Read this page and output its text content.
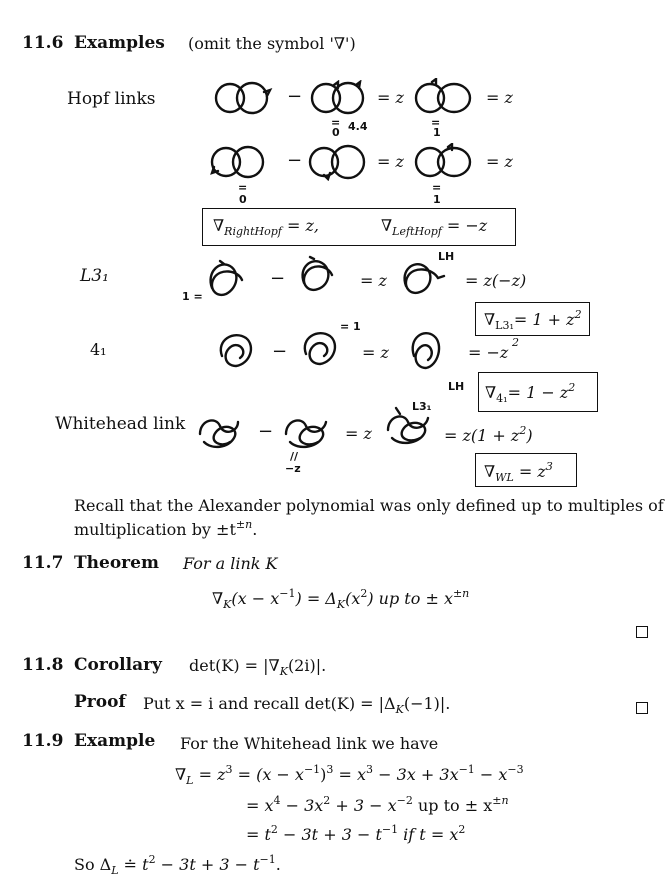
11.6 Examples (omit the symbol '∇')
Hopf links	−
=
0 4.4
= z
=
1
= z
=
0
−	= z
=
1
= z
$\nabla_{RightHopf} = z$,	$\nabla_{LeftHopf} = -z$
L3₁
1 =
−	= z
LH
= z(−z)
$\nabla_{L3_1}= 1 + z^2$
4₁	−
= 1
= z	= −z
2
LH $\nabla_{4_1}= 1 - z^2$
Whitehead link	−
//
−z
= z
L3₁
= $z(1 + z^2)$
$\nabla_{WL} = z^3$
Recall that the Alexander polynomial was only defined up to multiples of
multiplication by $\pm t^{\pm n}$.
11.7 Theorem For a link K
$\nabla_K(x - x^{-1}) = \Delta_K(x^2)$ up to ± $x^{\pm n}$
11.8 Corollary $\det(K) = |\nabla_K(2i)|$.
Proof Put x = i and recall $\det(K) = |\Delta_K(-1)|$.
11.9 Example For the Whitehead link we have
$\nabla_L = z^3 = (x - x^{-1})^3 = x^3 - 3x + 3x^{-1} - x^{-3}$
= $x^4 - 3x^2 + 3 - x^{-2}$ up to ± $x^{\pm n}$
= $t^2 - 3t + 3 - t^{-1}$ if $t = x^2$
So $\Delta_L$ ≐ $t^2 - 3t + 3 - t^{-1}$.
